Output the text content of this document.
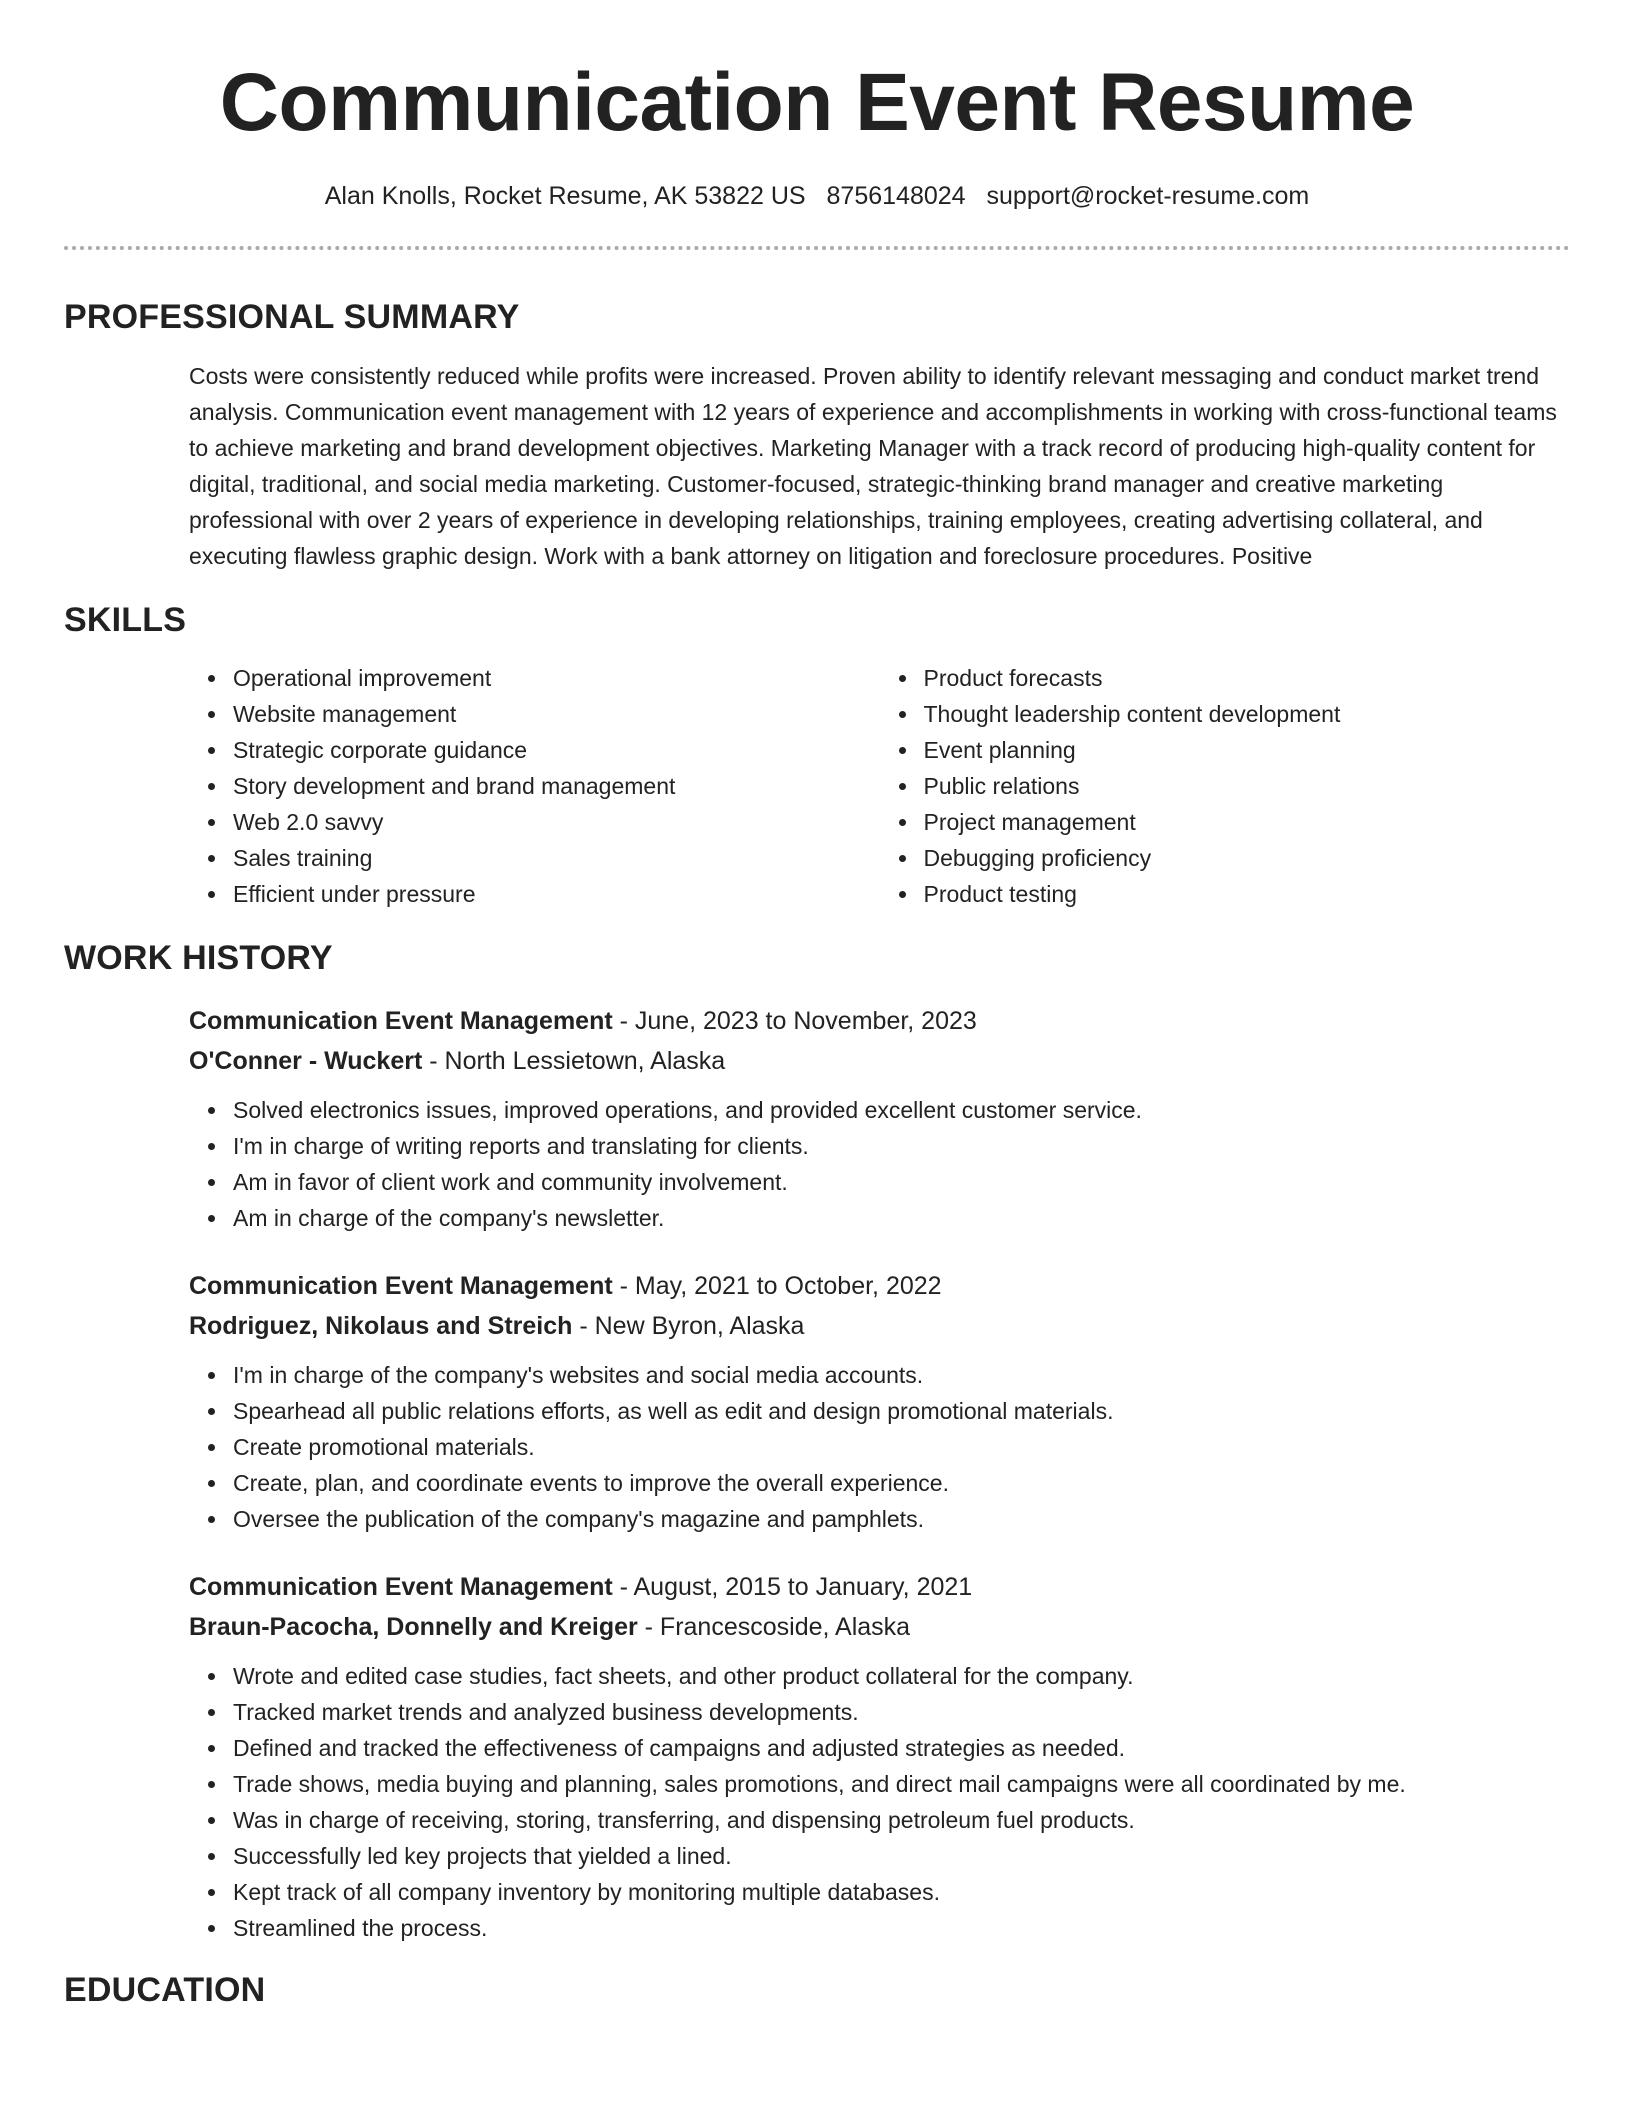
Communication Event Resume
Alan Knolls, Rocket Resume, AK 53822 US 8756148024 support@rocket-resume.com
PROFESSIONAL SUMMARY

Costs were consistently reduced while profits were increased. Proven ability to identify relevant messaging and conduct market trend analysis. Communication event management with 12 years of experience and accomplishments in working with cross-functional teams to achieve marketing and brand development objectives. Marketing Manager with a track record of producing high-quality content for digital, traditional, and social media marketing. Customer-focused, strategic-thinking brand manager and creative marketing professional with over 2 years of experience in developing relationships, training employees, creating advertising collateral, and executing flawless graphic design. Work with a bank attorney on litigation and foreclosure procedures. Positive

SKILLS
Operational improvement
Website management
Strategic corporate guidance
Story development and brand management
Web 2.0 savvy
Sales training
Efficient under pressure
Product forecasts
Thought leadership content development
Event planning
Public relations
Project management
Debugging proficiency
Product testing
WORK HISTORY
Communication Event Management - June, 2023 to November, 2023
O'Conner - Wuckert - North Lessietown, Alaska
Solved electronics issues, improved operations, and provided excellent customer service.
I'm in charge of writing reports and translating for clients.
Am in favor of client work and community involvement.
Am in charge of the company's newsletter.
Communication Event Management - May, 2021 to October, 2022
Rodriguez, Nikolaus and Streich - New Byron, Alaska
I'm in charge of the company's websites and social media accounts.
Spearhead all public relations efforts, as well as edit and design promotional materials.
Create promotional materials.
Create, plan, and coordinate events to improve the overall experience.
Oversee the publication of the company's magazine and pamphlets.
Communication Event Management - August, 2015 to January, 2021
Braun-Pacocha, Donnelly and Kreiger - Francescoside, Alaska
Wrote and edited case studies, fact sheets, and other product collateral for the company.
Tracked market trends and analyzed business developments.
Defined and tracked the effectiveness of campaigns and adjusted strategies as needed.
Trade shows, media buying and planning, sales promotions, and direct mail campaigns were all coordinated by me.
Was in charge of receiving, storing, transferring, and dispensing petroleum fuel products.
Successfully led key projects that yielded a lined.
Kept track of all company inventory by monitoring multiple databases.
Streamlined the process.
EDUCATION
